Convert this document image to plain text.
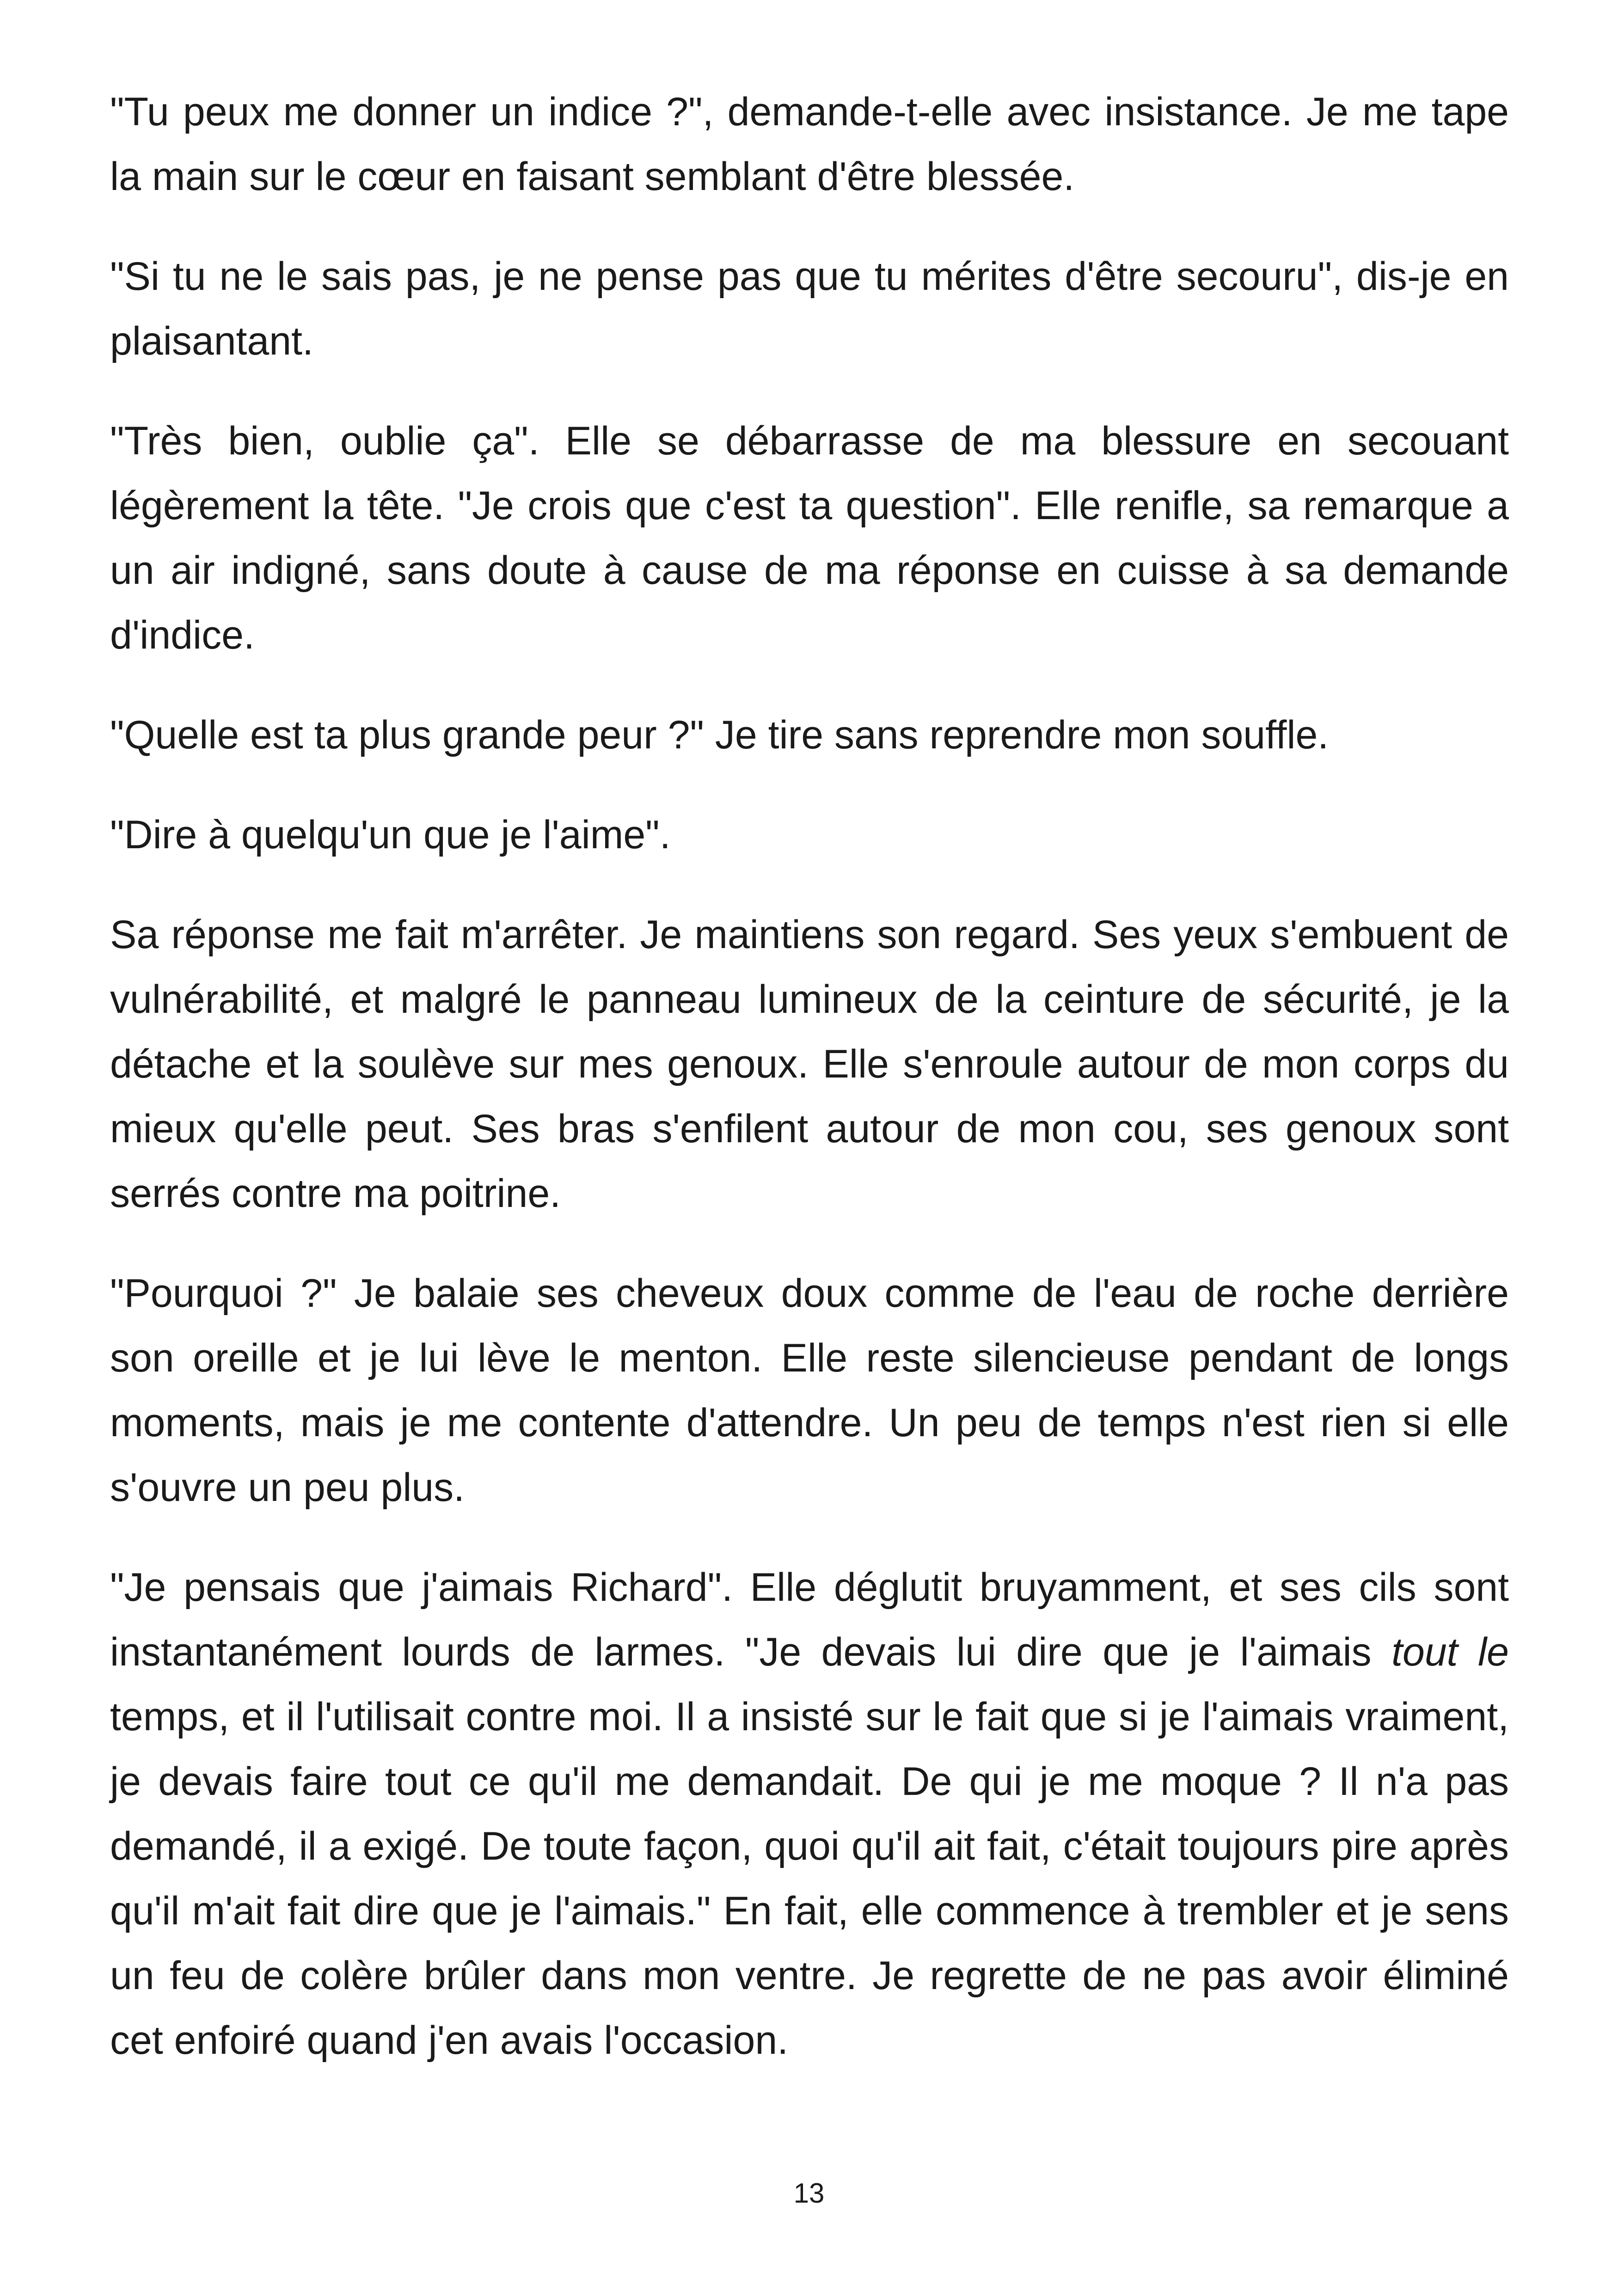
"Tu peux me donner un indice ?", demande-t-elle avec insistance. Je me tape la main sur le cœur en faisant semblant d'être blessée.

"Si tu ne le sais pas, je ne pense pas que tu mérites d'être secouru", dis-je en plaisantant.

"Très bien, oublie ça". Elle se débarrasse de ma blessure en secouant légèrement la tête. "Je crois que c'est ta question". Elle renifle, sa remarque a un air indigné, sans doute à cause de ma réponse en cuisse à sa demande d'indice.

"Quelle est ta plus grande peur ?" Je tire sans reprendre mon souffle.

"Dire à quelqu'un que je l'aime".

Sa réponse me fait m'arrêter. Je maintiens son regard. Ses yeux s'embuent de vulnérabilité, et malgré le panneau lumineux de la ceinture de sécurité, je la détache et la soulève sur mes genoux. Elle s'enroule autour de mon corps du mieux qu'elle peut. Ses bras s'enfilent autour de mon cou, ses genoux sont serrés contre ma poitrine.

"Pourquoi ?" Je balaie ses cheveux doux comme de l'eau de roche derrière son oreille et je lui lève le menton. Elle reste silencieuse pendant de longs moments, mais je me contente d'attendre. Un peu de temps n'est rien si elle s'ouvre un peu plus.

"Je pensais que j'aimais Richard". Elle déglutit bruyamment, et ses cils sont instantanément lourds de larmes. "Je devais lui dire que je l'aimais tout le temps, et il l'utilisait contre moi. Il a insisté sur le fait que si je l'aimais vraiment, je devais faire tout ce qu'il me demandait. De qui je me moque ? Il n'a pas demandé, il a exigé. De toute façon, quoi qu'il ait fait, c'était toujours pire après qu'il m'ait fait dire que je l'aimais." En fait, elle commence à trembler et je sens un feu de colère brûler dans mon ventre. Je regrette de ne pas avoir éliminé cet enfoiré quand j'en avais l'occasion.

13
